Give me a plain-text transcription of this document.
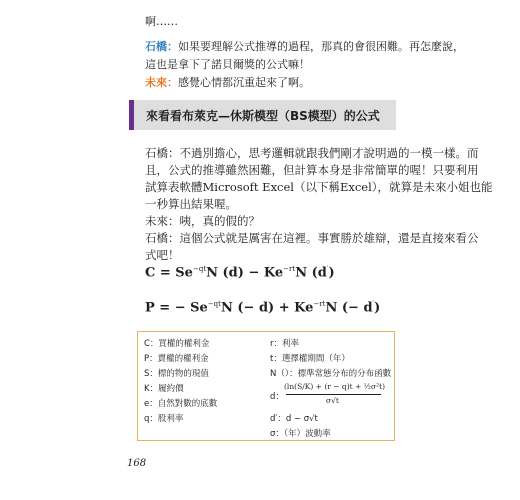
啊……
石橋：如果要理解公式推導的過程，那真的會很困難。再怎麼說，
這也是拿下了諾貝爾獎的公式嘛！
未來：感覺心情都沉重起來了啊。
來看看布萊克—休斯模型（BS模型）的公式
石橋：不過別擔心，思考邏輯就跟我們剛才說明過的一模一樣。而
且，公式的推導雖然困難，但計算本身是非常簡單的喔！只要利用
試算表軟體Microsoft Excel（以下稱Excel），就算是未來小姐也能
一秒算出結果喔。
未來：咦，真的假的？
石橋：這個公式就是厲害在這裡。事實勝於雄辯，還是直接來看公
式吧！
$C = Se^{-qt}N$ $(d) - Ke^{-rt}N$ (d′)
P = − $Se^{-qt}N$ (− $d) + Ke^{-rt}N$ (− d′)
C：買權的權利金
P：賣權的權利金
S：標的物的現值
K：履約價
e：自然對數的底數
q：股利率
r：利率
t：選擇權期間（年）
N（）：標準常態分布的分布函數
d：
(ln(S/K) + (r − q)t + ½σ²t)
σ√t
d′：d − σ√t
σ：（年）波動率
168
